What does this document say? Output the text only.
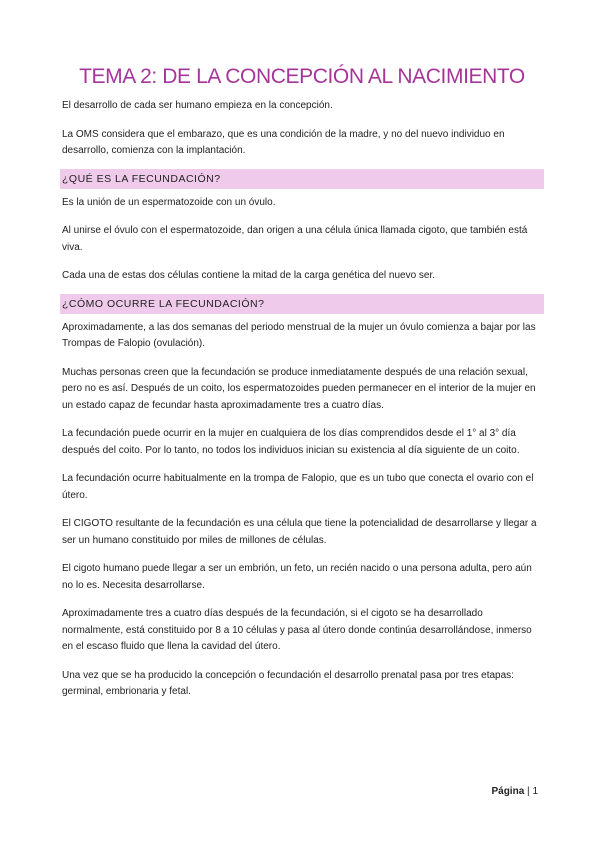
TEMA 2: DE LA CONCEPCIÓN AL NACIMIENTO

El desarrollo de cada ser humano empieza en la concepción.

La OMS considera que el embarazo, que es una condición de la madre, y no del nuevo individuo en desarrollo, comienza con la implantación.

¿QUÉ ES LA FECUNDACIÓN?

Es la unión de un espermatozoide con un óvulo.

Al unirse el óvulo con el espermatozoide, dan origen a una célula única llamada cigoto, que también está viva.

Cada una de estas dos células contiene la mitad de la carga genética del nuevo ser.

¿CÓMO OCURRE LA FECUNDACIÓN?

Aproximadamente, a las dos semanas del periodo menstrual de la mujer un óvulo comienza a bajar por las Trompas de Falopio (ovulación).

Muchas personas creen que la fecundación se produce inmediatamente después de una relación sexual, pero no es así. Después de un coito, los espermatozoides pueden permanecer en el interior de la mujer en un estado capaz de fecundar hasta aproximadamente tres a cuatro días.

La fecundación puede ocurrir en la mujer en cualquiera de los días comprendidos desde el 1° al 3° día después del coito. Por lo tanto, no todos los individuos inician su existencia al día siguiente de un coito.

La fecundación ocurre habitualmente en la trompa de Falopio, que es un tubo que conecta el ovario con el útero.

El CIGOTO resultante de la fecundación es una célula que tiene la potencialidad de desarrollarse y llegar a ser un humano constituido por miles de millones de células.

El cigoto humano puede llegar a ser un embrión, un feto, un recién nacido o una persona adulta, pero aún no lo es. Necesita desarrollarse.

Aproximadamente tres a cuatro días después de la fecundación, si el cigoto se ha desarrollado normalmente, está constituido por 8 a 10 células y pasa al útero donde continúa desarrollándose, inmerso en el escaso fluido que llena la cavidad del útero.

Una vez que se ha producido la concepción o fecundación el desarrollo prenatal pasa por tres etapas: germinal, embrionaria y fetal.

Página | 1
